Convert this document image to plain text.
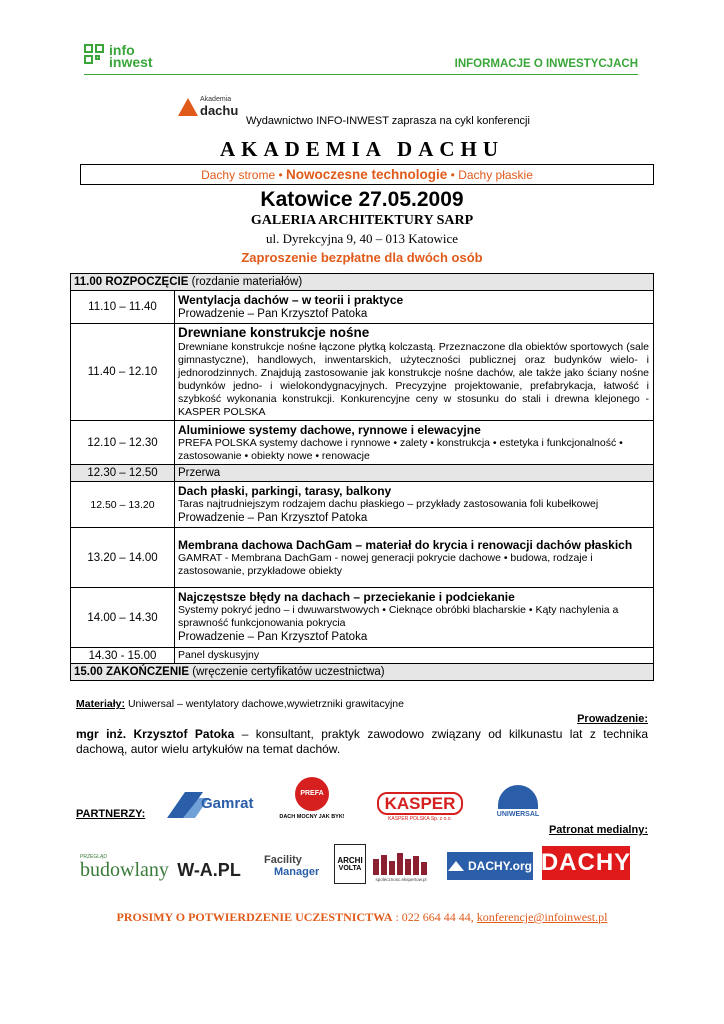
info
inwest	INFORMACJE O INWESTYCJACH
Akademia
dachu
Wydawnictwo INFO-INWEST zaprasza na cykl konferencji
AKADEMIA DACHU
Dachy strome • Nowoczesne technologie • Dachy płaskie
Katowice 27.05.2009
GALERIA ARCHITEKTURY SARP
ul. Dyrekcyjna 9, 40 – 013 Katowice
Zaproszenie bezpłatne dla dwóch osób
11.00 ROZPOCZĘCIE (rozdanie materiałów)	
11.10 – 11.40	Wentylacja dachów – w teorii i praktyce
Prowadzenie – Pan Krzysztof Patoka

11.40 – 12.10	Drewniane konstrukcje nośne
Drewniane konstrukcje nośne łączone płytką kolczastą. Przeznaczone dla obiektów sportowych (sale gimnastyczne), handlowych, inwentarskich, użyteczności publicznej oraz budynków wielo- i jednorodzinnych. Znajdują zastosowanie jak konstrukcje nośne dachów, ale także jako ściany nośne budynków jedno- i wielokondygnacyjnych. Precyzyjne projektowanie, prefabrykacja, łatwość i szybkość wykonania konstrukcji. Konkurencyjne ceny w stosunku do stali i drewna klejonego - KASPER POLSKA

12.10 – 12.30	Aluminiowe systemy dachowe, rynnowe i elewacyjne
PREFA POLSKA systemy dachowe i rynnowe • zalety • konstrukcja • estetyka i funkcjonalność • zastosowanie • obiekty nowe • renowacje

12.30 – 12.50	Przerwa

12.50 – 13.20	Dach płaski, parkingi, tarasy, balkony
Taras najtrudniejszym rodzajem dachu płaskiego – przykłady zastosowania foli kubełkowej
Prowadzenie – Pan Krzysztof Patoka

13.20 – 14.00	Membrana dachowa DachGam – materiał do krycia i renowacji dachów płaskich
GAMRAT - Membrana DachGam - nowej generacji pokrycie dachowe • budowa, rodzaje i zastosowanie, przykładowe obiekty

14.00 – 14.30	Najczęstsze błędy na dachach – przeciekanie i podciekanie
Systemy pokryć jedno – i dwuwarstwowych • Cieknące obróbki blacharskie • Kąty nachylenia a sprawność funkcjonowania pokrycia
Prowadzenie – Pan Krzysztof Patoka

14.30 - 15.00	Panel dyskusyjny

15.00 ZAKOŃCZENIE (wręczenie certyfikatów uczestnictwa)	
Materiały: Uniwersal – wentylatory dachowe,wywietrzniki grawitacyjne
Prowadzenie:
mgr inż. Krzysztof Patoka – konsultant, praktyk zawodowo związany od kilkunastu lat z technika dachową, autor wielu artykułów na temat dachów.
PARTNERZY:
Gamrat
PREFA
DACH MOCNY JAK BYK!
KASPER
KASPER POLSKA Sp. z o.o.
UNIWERSAL
Patronat medialny:
PRZEGLĄD
budowlany W-A.PL	Facility
Manager
ARCHI
VOLTA
spolecznosc.ekspertow.pl
DACHY.org DACHY
PROSIMY O POTWIERDZENIE UCZESTNICTWA : 022 664 44 44, konferencje@infoinwest.pl
